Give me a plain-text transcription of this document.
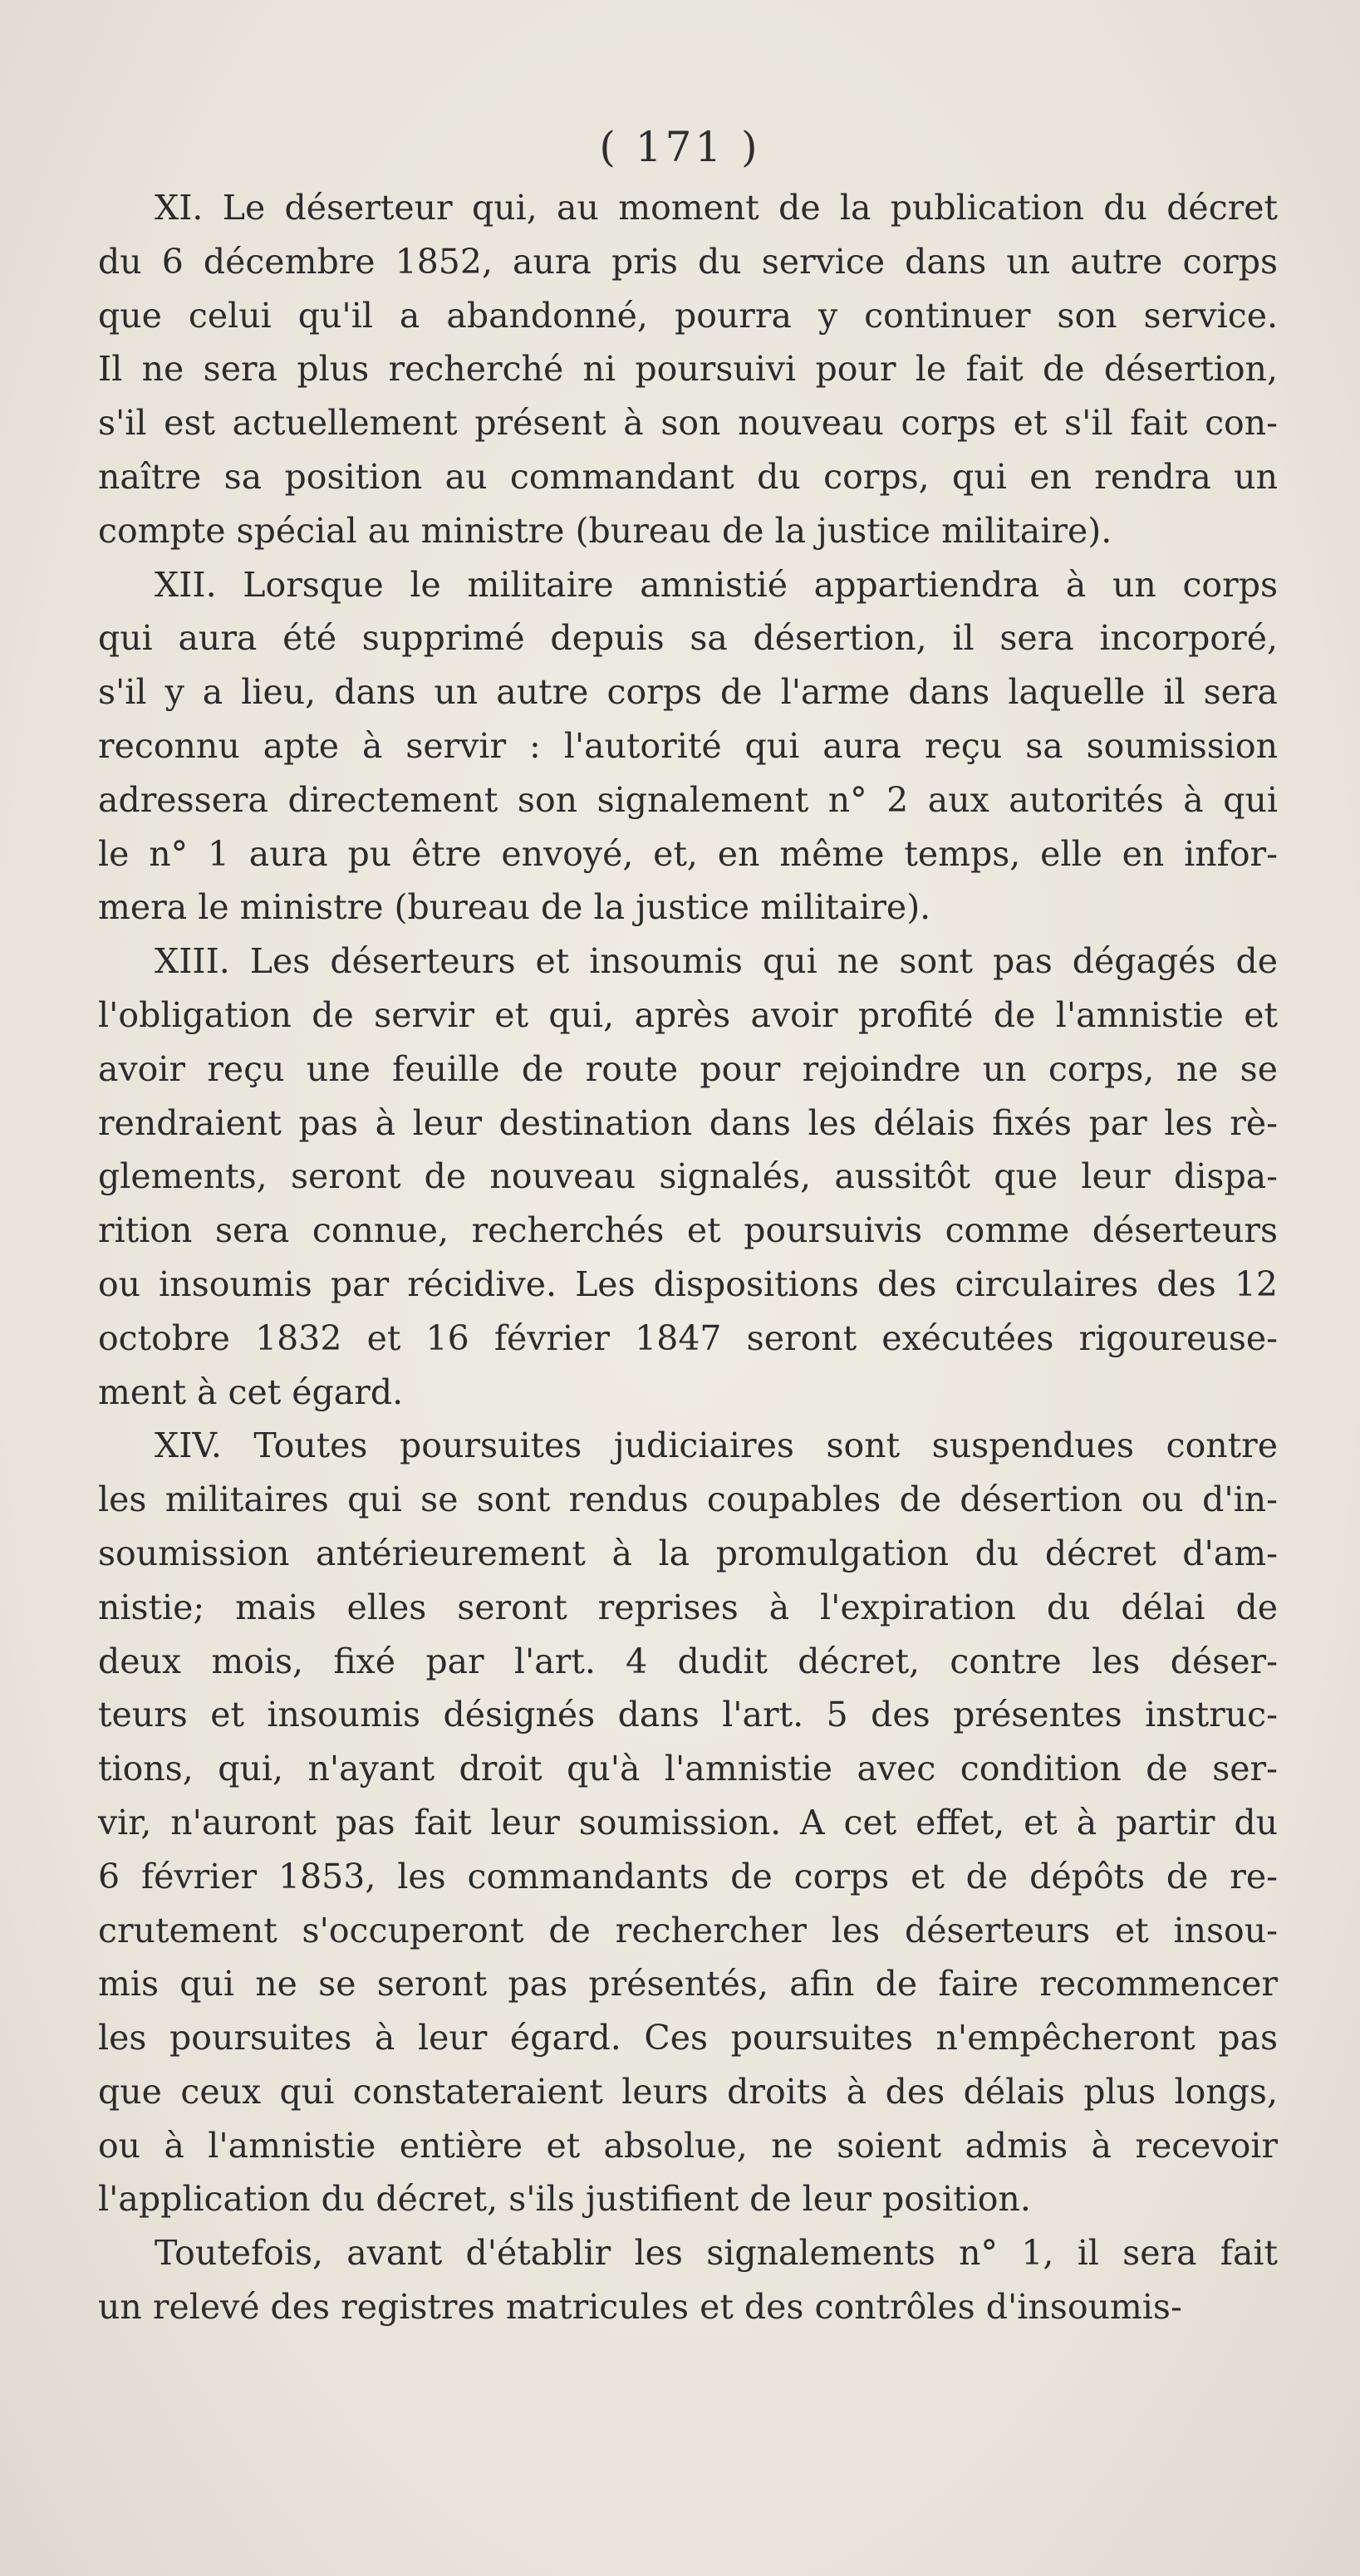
( 171 )
XI. Le déserteur qui, au moment de la publication du décret
du 6 décembre 1852, aura pris du service dans un autre corps
que celui qu'il a abandonné, pourra y continuer son service.
Il ne sera plus recherché ni poursuivi pour le fait de désertion,
s'il est actuellement présent à son nouveau corps et s'il fait con-
naître sa position au commandant du corps, qui en rendra un
compte spécial au ministre (bureau de la justice militaire).
XII. Lorsque le militaire amnistié appartiendra à un corps
qui aura été supprimé depuis sa désertion, il sera incorporé,
s'il y a lieu, dans un autre corps de l'arme dans laquelle il sera
reconnu apte à servir : l'autorité qui aura reçu sa soumission
adressera directement son signalement n° 2 aux autorités à qui
le n° 1 aura pu être envoyé, et, en même temps, elle en infor-
mera le ministre (bureau de la justice militaire).
XIII. Les déserteurs et insoumis qui ne sont pas dégagés de
l'obligation de servir et qui, après avoir profité de l'amnistie et
avoir reçu une feuille de route pour rejoindre un corps, ne se
rendraient pas à leur destination dans les délais fixés par les rè-
glements, seront de nouveau signalés, aussitôt que leur dispa-
rition sera connue, recherchés et poursuivis comme déserteurs
ou insoumis par récidive. Les dispositions des circulaires des 12
octobre 1832 et 16 février 1847 seront exécutées rigoureuse-
ment à cet égard.
XIV. Toutes poursuites judiciaires sont suspendues contre
les militaires qui se sont rendus coupables de désertion ou d'in-
soumission antérieurement à la promulgation du décret d'am-
nistie; mais elles seront reprises à l'expiration du délai de
deux mois, fixé par l'art. 4 dudit décret, contre les déser-
teurs et insoumis désignés dans l'art. 5 des présentes instruc-
tions, qui, n'ayant droit qu'à l'amnistie avec condition de ser-
vir, n'auront pas fait leur soumission. A cet effet, et à partir du
6 février 1853, les commandants de corps et de dépôts de re-
crutement s'occuperont de rechercher les déserteurs et insou-
mis qui ne se seront pas présentés, afin de faire recommencer
les poursuites à leur égard. Ces poursuites n'empêcheront pas
que ceux qui constateraient leurs droits à des délais plus longs,
ou à l'amnistie entière et absolue, ne soient admis à recevoir
l'application du décret, s'ils justifient de leur position.
Toutefois, avant d'établir les signalements n° 1, il sera fait
un relevé des registres matricules et des contrôles d'insoumis-
